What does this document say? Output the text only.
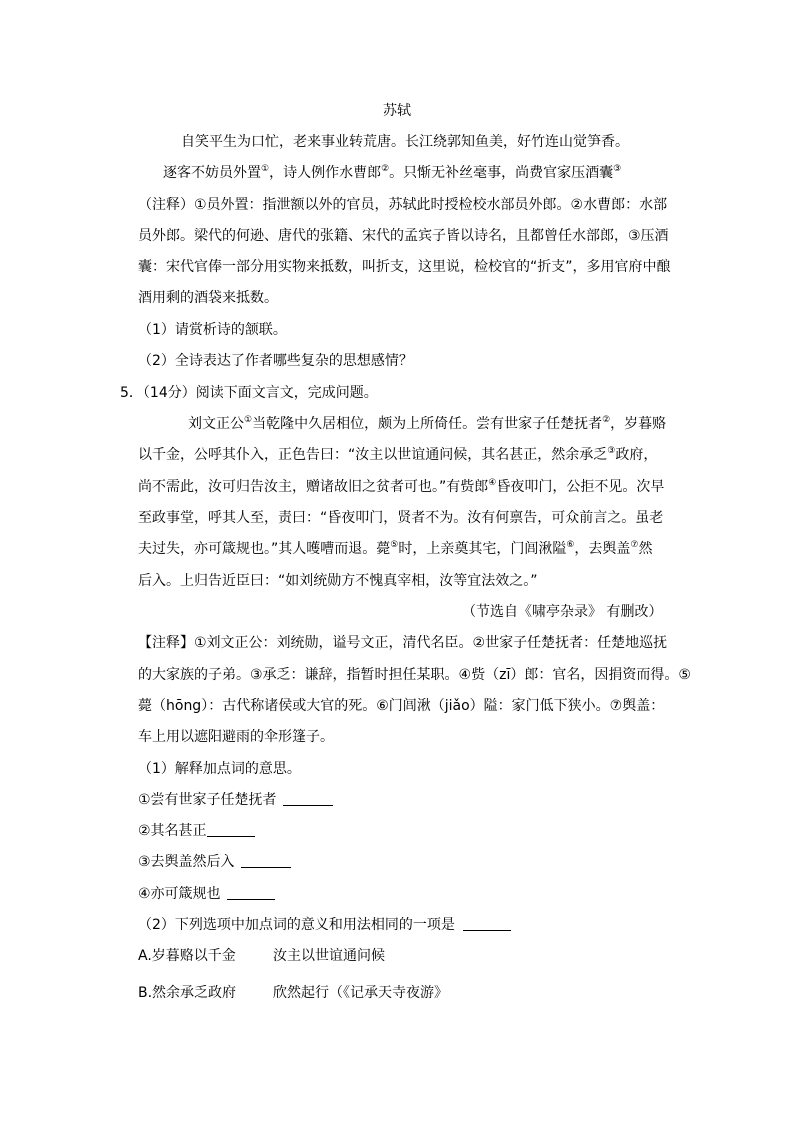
苏轼
自笑平生为口忙，老来事业转荒唐。长江绕郭知鱼美，好竹连山觉笋香。
逐客不妨员外置①，诗人例作水曹郎②。只惭无补丝毫事，尚费官家压酒囊③
（注释）①员外置：指泄额以外的官员，苏轼此时授检校水部员外郎。②水曹郎：水部
员外郎。梁代的何逊、唐代的张籍、宋代的孟宾子皆以诗名，且都曾任水部郎，③压酒
囊：宋代官俸一部分用实物来抵数，叫折支，这里说，检校官的“折支”，多用官府中酿
酒用剩的酒袋来抵数。
（1）请赏析诗的颔联。
（2）全诗表达了作者哪些复杂的思想感情？
5．（14分）阅读下面文言文，完成问题。
刘文正公①当乾隆中久居相位，颇为上所倚任。尝有世家子任楚抚者②，岁暮赂
以千金，公呼其仆入，正色告曰：“汝主以世谊通问候，其名甚正，然余承乏③政府，
尚不需此，汝可归告汝主，赠诸故旧之贫者可也。”有赀郎④昏夜叩门，公拒不见。次早
至政事堂，呼其人至，责曰：“昏夜叩门，贤者不为。汝有何禀告，可众前言之。虽老
夫过失，亦可箴规也。”其人嚄嘈而退。薨⑤时，上亲奠其宅，门闾湫隘⑥，去舆盖⑦然
后入。上归告近臣曰：“如刘统勋方不愧真宰相，汝等宜法效之。”
（节选自《啸亭杂录》 有删改）
【注释】①刘文正公：刘统勋，谥号文正，清代名臣。②世家子任楚抚者：任楚地巡抚
的大家族的子弟。③承乏：谦辞，指暂时担任某职。④赀（zī）郎：官名，因捐资而得。⑤
薨（hōng）：古代称诸侯或大官的死。⑥门闾湫（jiǎo）隘：家门低下狭小。⑦舆盖：
车上用以遮阳避雨的伞形篷子。
（1）解释加点词的意思。
①尝有世家子任楚抚者
②其名甚正
③去舆盖然后入
④亦可箴规也
（2）下列选项中加点词的意义和用法相同的一项是
A.岁暮赂以千金	汝主以世谊通问候
B.然余承乏政府	欣然起行（《记承天寺夜游》
